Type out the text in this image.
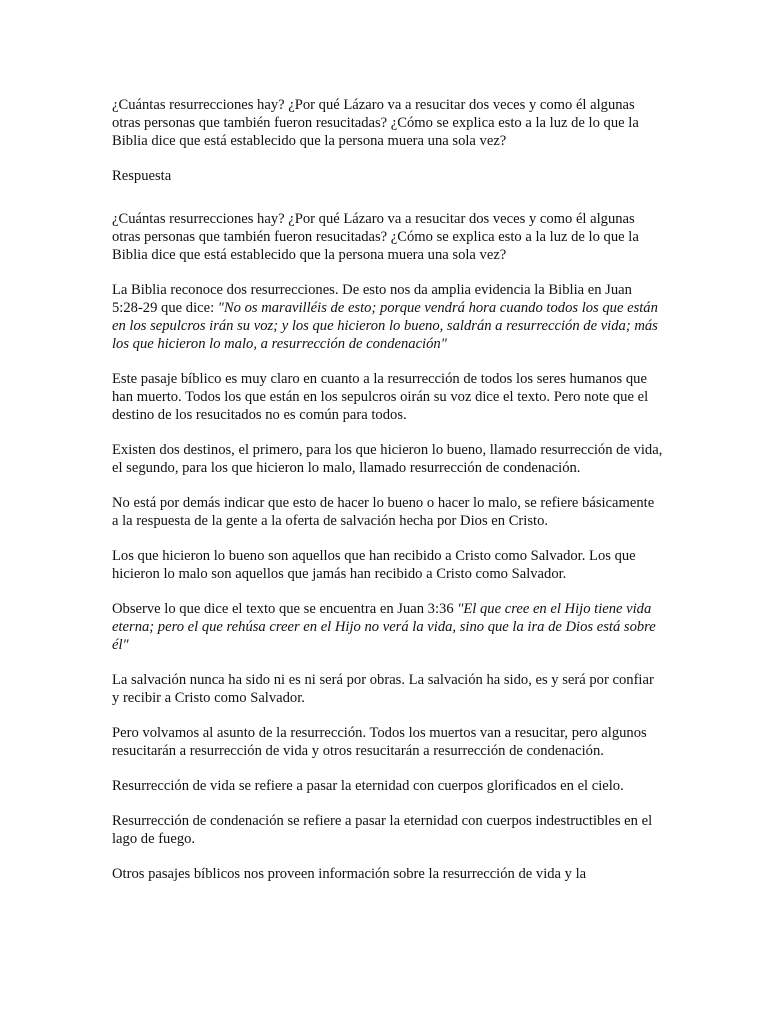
¿Cuántas resurrecciones hay? ¿Por qué Lázaro va a resucitar dos veces y como él algunas otras personas que también fueron resucitadas? ¿Cómo se explica esto a la luz de lo que la Biblia dice que está establecido que la persona muera una sola vez?

Respuesta

¿Cuántas resurrecciones hay? ¿Por qué Lázaro va a resucitar dos veces y como él algunas otras personas que también fueron resucitadas? ¿Cómo se explica esto a la luz de lo que la Biblia dice que está establecido que la persona muera una sola vez?

La Biblia reconoce dos resurrecciones. De esto nos da amplia evidencia la Biblia en Juan 5:28-29 que dice: "No os maravilléis de esto; porque vendrá hora cuando todos los que están en los sepulcros irán su voz; y los que hicieron lo bueno, saldrán a resurrección de vida; más los que hicieron lo malo, a resurrección de condenación"

Este pasaje bíblico es muy claro en cuanto a la resurrección de todos los seres humanos que han muerto. Todos los que están en los sepulcros oirán su voz dice el texto. Pero note que el destino de los resucitados no es común para todos.

Existen dos destinos, el primero, para los que hicieron lo bueno, llamado resurrección de vida, el segundo, para los que hicieron lo malo, llamado resurrección de condenación.

No está por demás indicar que esto de hacer lo bueno o hacer lo malo, se refiere básicamente a la respuesta de la gente a la oferta de salvación hecha por Dios en Cristo.

Los que hicieron lo bueno son aquellos que han recibido a Cristo como Salvador. Los que hicieron lo malo son aquellos que jamás han recibido a Cristo como Salvador.

Observe lo que dice el texto que se encuentra en Juan 3:36 "El que cree en el Hijo tiene vida eterna; pero el que rehúsa creer en el Hijo no verá la vida, sino que la ira de Dios está sobre él"

La salvación nunca ha sido ni es ni será por obras. La salvación ha sido, es y será por confiar y recibir a Cristo como Salvador.

Pero volvamos al asunto de la resurrección. Todos los muertos van a resucitar, pero algunos resucitarán a resurrección de vida y otros resucitarán a resurrección de condenación.

Resurrección de vida se refiere a pasar la eternidad con cuerpos glorificados en el cielo.

Resurrección de condenación se refiere a pasar la eternidad con cuerpos indestructibles en el lago de fuego.

Otros pasajes bíblicos nos proveen información sobre la resurrección de vida y la
